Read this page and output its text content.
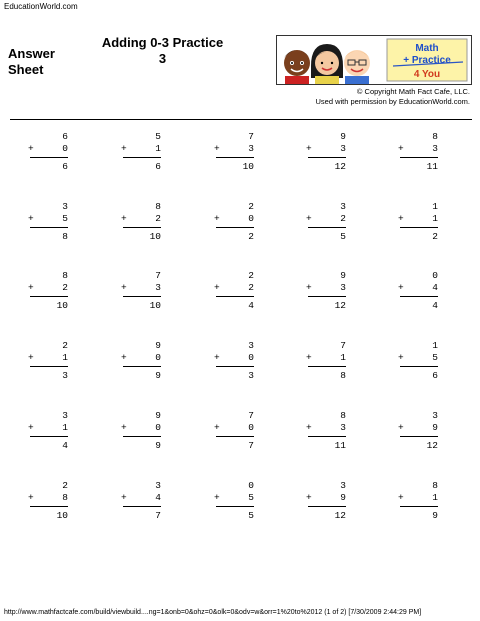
EducationWorld.com
Answer
Sheet
Adding 0-3 Practice
3
Math
+ Practice
4 You
© Copyright Math Fact Cafe, LLC.
Used with permission by EducationWorld.com.
6
+	0
6
5
+	1
6
7
+	3
10
9
+	3
12
8
+	3
11
3
+	5
8
8
+	2
10
2
+	0
2
3
+	2
5
1
+	1
2
8
+	2
10
7
+	3
10
2
+	2
4
9
+	3
12
0
+	4
4
2
+	1
3
9
+	0
9
3
+	0
3
7
+	1
8
1
+	5
6
3
+	1
4
9
+	0
9
7
+	0
7
8
+	3
11
3
+	9
12
2
+	8
10
3
+	4
7
0
+	5
5
3
+	9
12
8
+	1
9
http://www.mathfactcafe.com/build/viewbuild....ng=1&onb=0&ohz=0&olk=0&odv=w&orr=1%20to%2012 (1 of 2) [7/30/2009 2:44:29 PM]
